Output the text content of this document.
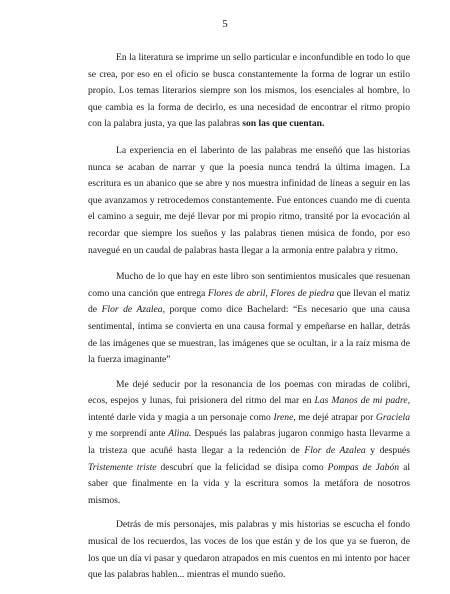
5

En la literatura se imprime un sello particular e inconfundible en todo lo que se crea, por eso en el oficio se busca constantemente la forma de lograr un estilo propio. Los temas literarios siempre son los mismos, los esenciales al hombre, lo que cambia es la forma de decirlo, es una necesidad de encontrar el ritmo propio con la palabra justa, ya que las palabras son las que cuentan.

La experiencia en el laberinto de las palabras me enseñó que las historias nunca se acaban de narrar y que la poesía nunca tendrá la última imagen. La escritura es un abanico que se abre y nos muestra infinidad de líneas a seguir en las que avanzamos y retrocedemos constantemente. Fue entonces cuando me di cuenta el camino a seguir, me dejé llevar por mi propio ritmo, transité por la evocación al recordar que siempre los sueños y las palabras tienen música de fondo, por eso navegué en un caudal de palabras hasta llegar a la armonía entre palabra y ritmo.

Mucho de lo que hay en este libro son sentimientos musicales que resuenan como una canción que entrega Flores de abril, Flores de piedra que llevan el matiz de Flor de Azalea, porque como dice Bachelard: “Es necesario que una causa sentimental, íntima se convierta en una causa formal y empeñarse en hallar, detrás de las imágenes que se muestran, las imágenes que se ocultan, ir a la raíz misma de la fuerza imaginante”

Me dejé seducir por la resonancia de los poemas con miradas de colibrí, ecos, espejos y lunas, fui prisionera del ritmo del mar en Las Manos de mi padre, intenté darle vida y magia a un personaje como Irene, me dejé atrapar por Graciela y me sorprendí ante Alina. Después las palabras jugaron conmigo hasta llevarme a la tristeza que acuñé hasta llegar a la redención de Flor de Azalea y después Tristemente triste descubrí que la felicidad se disipa como Pompas de Jabón al saber que finalmente en la vida y la escritura somos la metáfora de nosotros mismos.

Detrás de mis personajes, mis palabras y mis historias se escucha el fondo musical de los recuerdos, las voces de los que están y de los que ya se fueron, de los que un día vi pasar y quedaron atrapados en mis cuentos en mi intento por hacer que las palabras hablen... mientras el mundo sueño.
